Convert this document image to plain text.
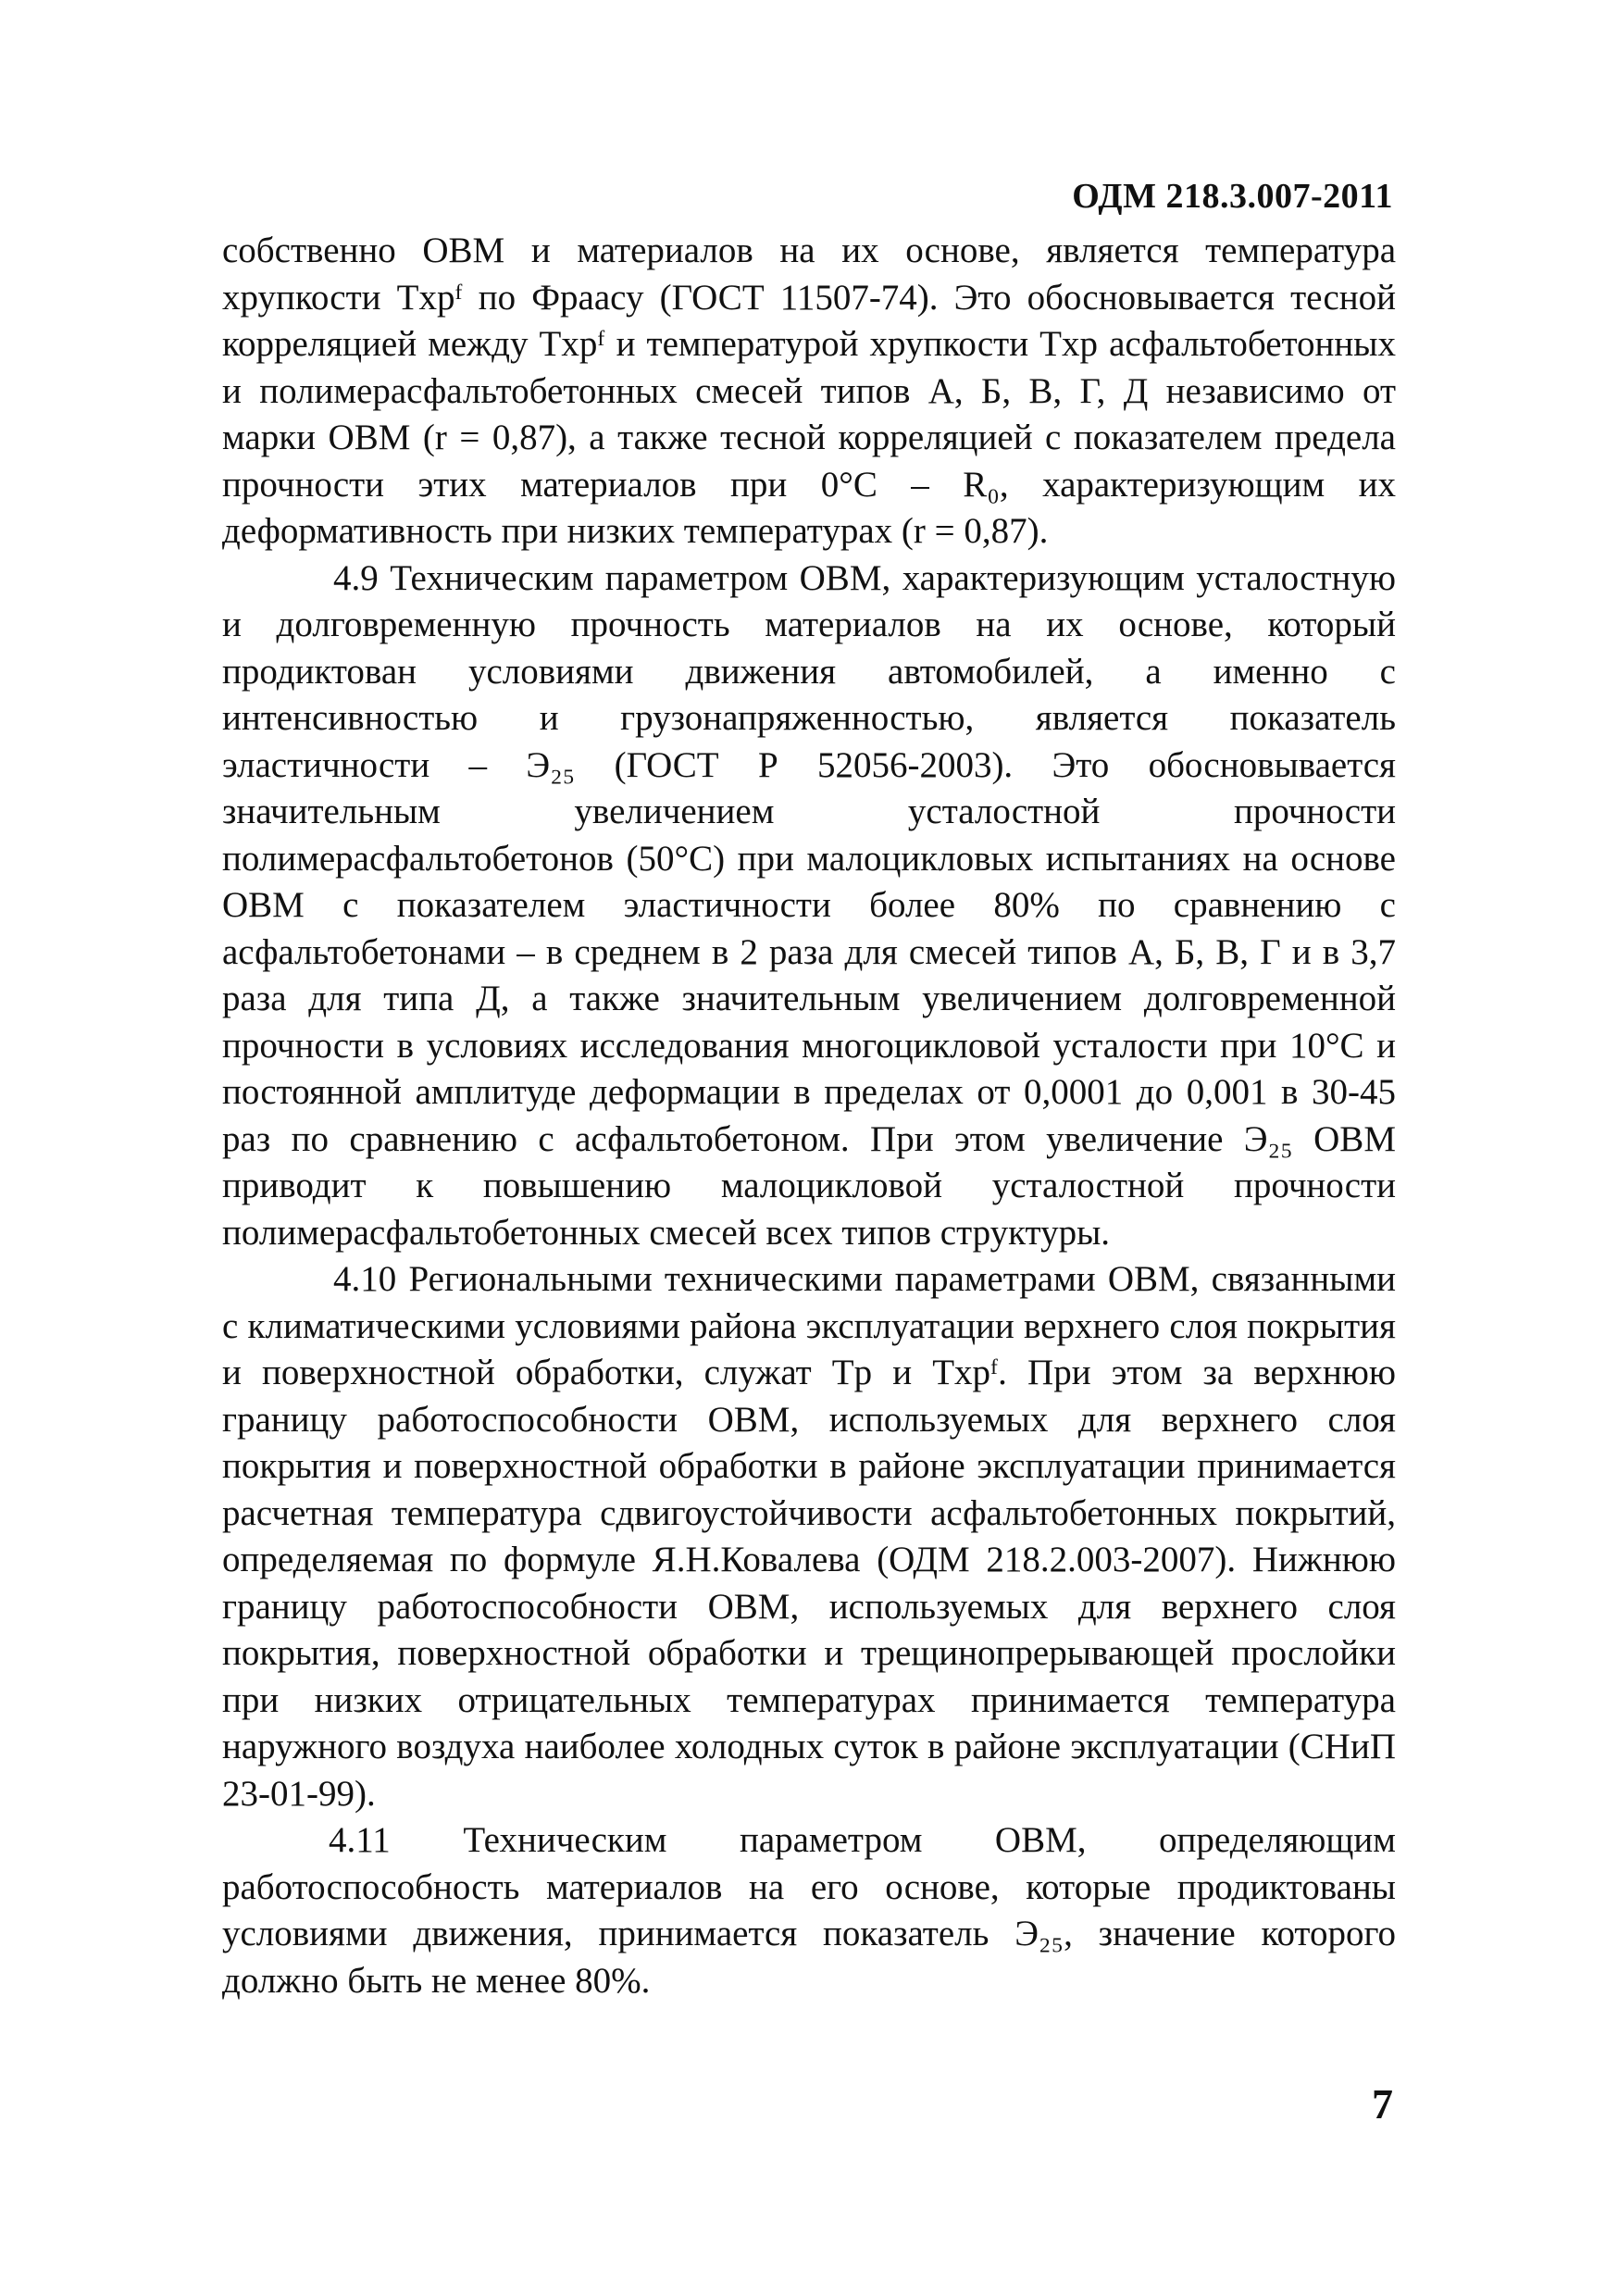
ОДМ 218.3.007-2011

собственно ОВМ и материалов на их основе, является температура хрупкости Tхрᶠ по Фраасу (ГОСТ 11507-74). Это обосновывается тесной корреляцией между Tхрᶠ и температурой хрупкости Tхр асфальтобетонных и полимерасфальтобетонных смесей типов А, Б, В, Г, Д независимо от марки ОВМ (r = 0,87), а также тесной корреляцией с показателем предела прочности этих материалов при 0°С – R₀, характеризующим их деформативность при низких температурах (r = 0,87).

4.9 Техническим параметром ОВМ, характеризующим усталостную и долговременную прочность материалов на их основе, который продиктован условиями движения автомобилей, а именно с интенсивностью и грузонапряженностью, является показатель эластичности – Э₂₅ (ГОСТ Р 52056-2003). Это обосновывается значительным увеличением усталостной прочности полимерасфальтобетонов (50°С) при малоцикловых испытаниях на основе ОВМ с показателем эластичности более 80% по сравнению с асфальтобетонами – в среднем в 2 раза для смесей типов А, Б, В, Г и в 3,7 раза для типа Д, а также значительным увеличением долговременной прочности в условиях исследования многоцикловой усталости при 10°С и постоянной амплитуде деформации в пределах от 0,0001 до 0,001 в 30-45 раз по сравнению с асфальтобетоном. При этом увеличение Э₂₅ ОВМ приводит к повышению малоцикловой усталостной прочности полимерасфальтобетонных смесей всех типов структуры.

4.10 Региональными техническими параметрами ОВМ, связанными с климатическими условиями района эксплуатации верхнего слоя покрытия и поверхностной обработки, служат Tр и Tхрᶠ. При этом за верхнюю границу работоспособности ОВМ, используемых для верхнего слоя покрытия и поверхностной обработки в районе эксплуатации принимается расчетная температура сдвигоустойчивости асфальтобетонных покрытий, определяемая по формуле Я.Н.Ковалева (ОДМ 218.2.003-2007). Нижнюю границу работоспособности ОВМ, используемых для верхнего слоя покрытия, поверхностной обработки и трещинопрерывающей прослойки при низких отрицательных температурах принимается температура наружного воздуха наиболее холодных суток в районе эксплуатации (СНиП 23-01-99).

4.11 Техническим параметром ОВМ, определяющим работоспособность материалов на его основе, которые продиктованы условиями движения, принимается показатель Э₂₅, значение которого должно быть не менее 80%.

7
